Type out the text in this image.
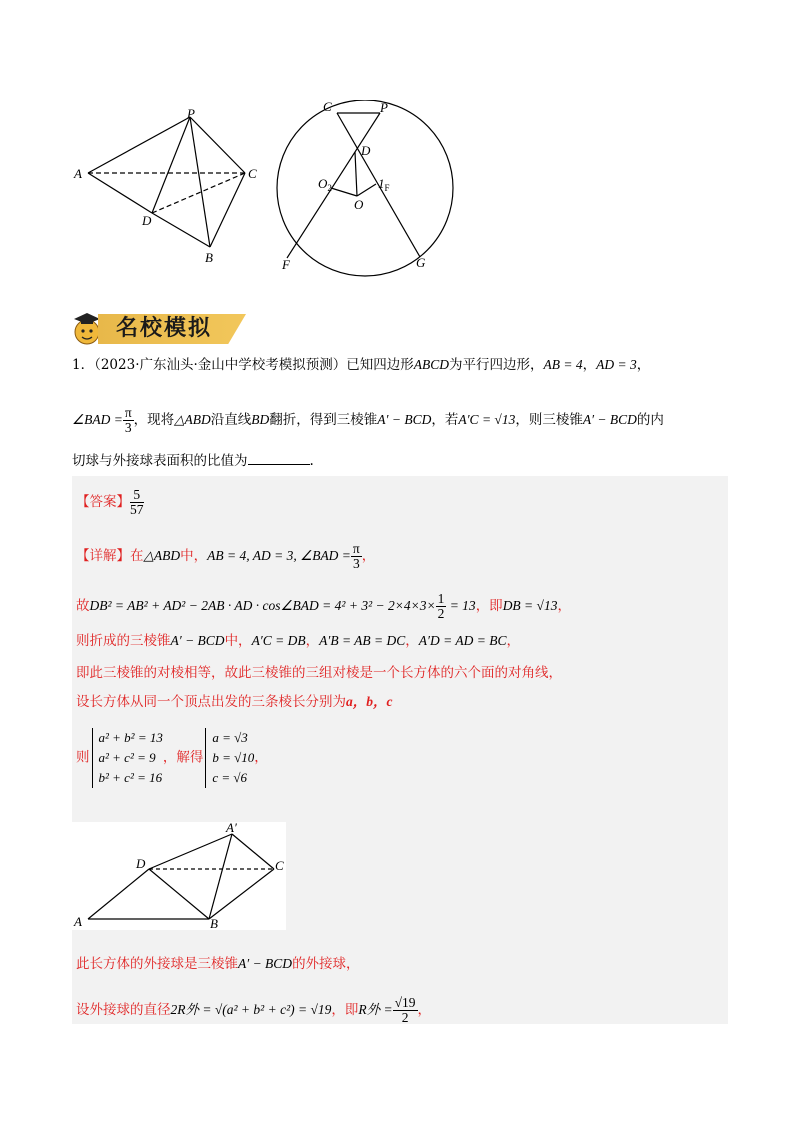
P
A	C
D
B
C	P
D
O
$O_2$	$1_F$
F	G
名校模拟
1．（2023·广东汕头·金山中学校考模拟预测）已知四边形ABCD为平行四边形，AB = 4，AD = 3，
∠BAD = $\frac{\pi}{3}$ ，现将△ABD沿直线BD翻折，得到三棱锥A′ − BCD，若A′C = √13，则三棱锥A′ − BCD的内
切球与外接球表面积的比值为	.
【答案】 $\frac{5}{57}$
【详解】在△ABD中，AB = 4, AD = 3, ∠BAD = $\frac{\pi}{3}$ ，
故DB² = AB² + AD² − 2AB · AD · cos∠BAD = $4^2 + 3^2 - 2\times 4\times 3\times \frac{1}{2} = 13$，即DB = √13，
则折成的三棱锥A′ − BCD中，A′C = DB，A′B = AB = DC，A′D = AD = BC，
即此三棱锥的对棱相等，故此三棱锥的三组对棱是一个长方体的六个面的对角线，
设长方体从同一个顶点出发的三条棱长分别为a，b，c
则
a² + b² = 13
a² + c² = 9
b² + c² = 16
，解得
a = √3
b = √10
c = √6
，
A′
D	C
A	B
此长方体的外接球是三棱锥A′ − BCD的外接球，
设外接球的直径2R外 = √(a² + b² + c²) = √19，即R外 = $\frac{√19}{2}$ ，
